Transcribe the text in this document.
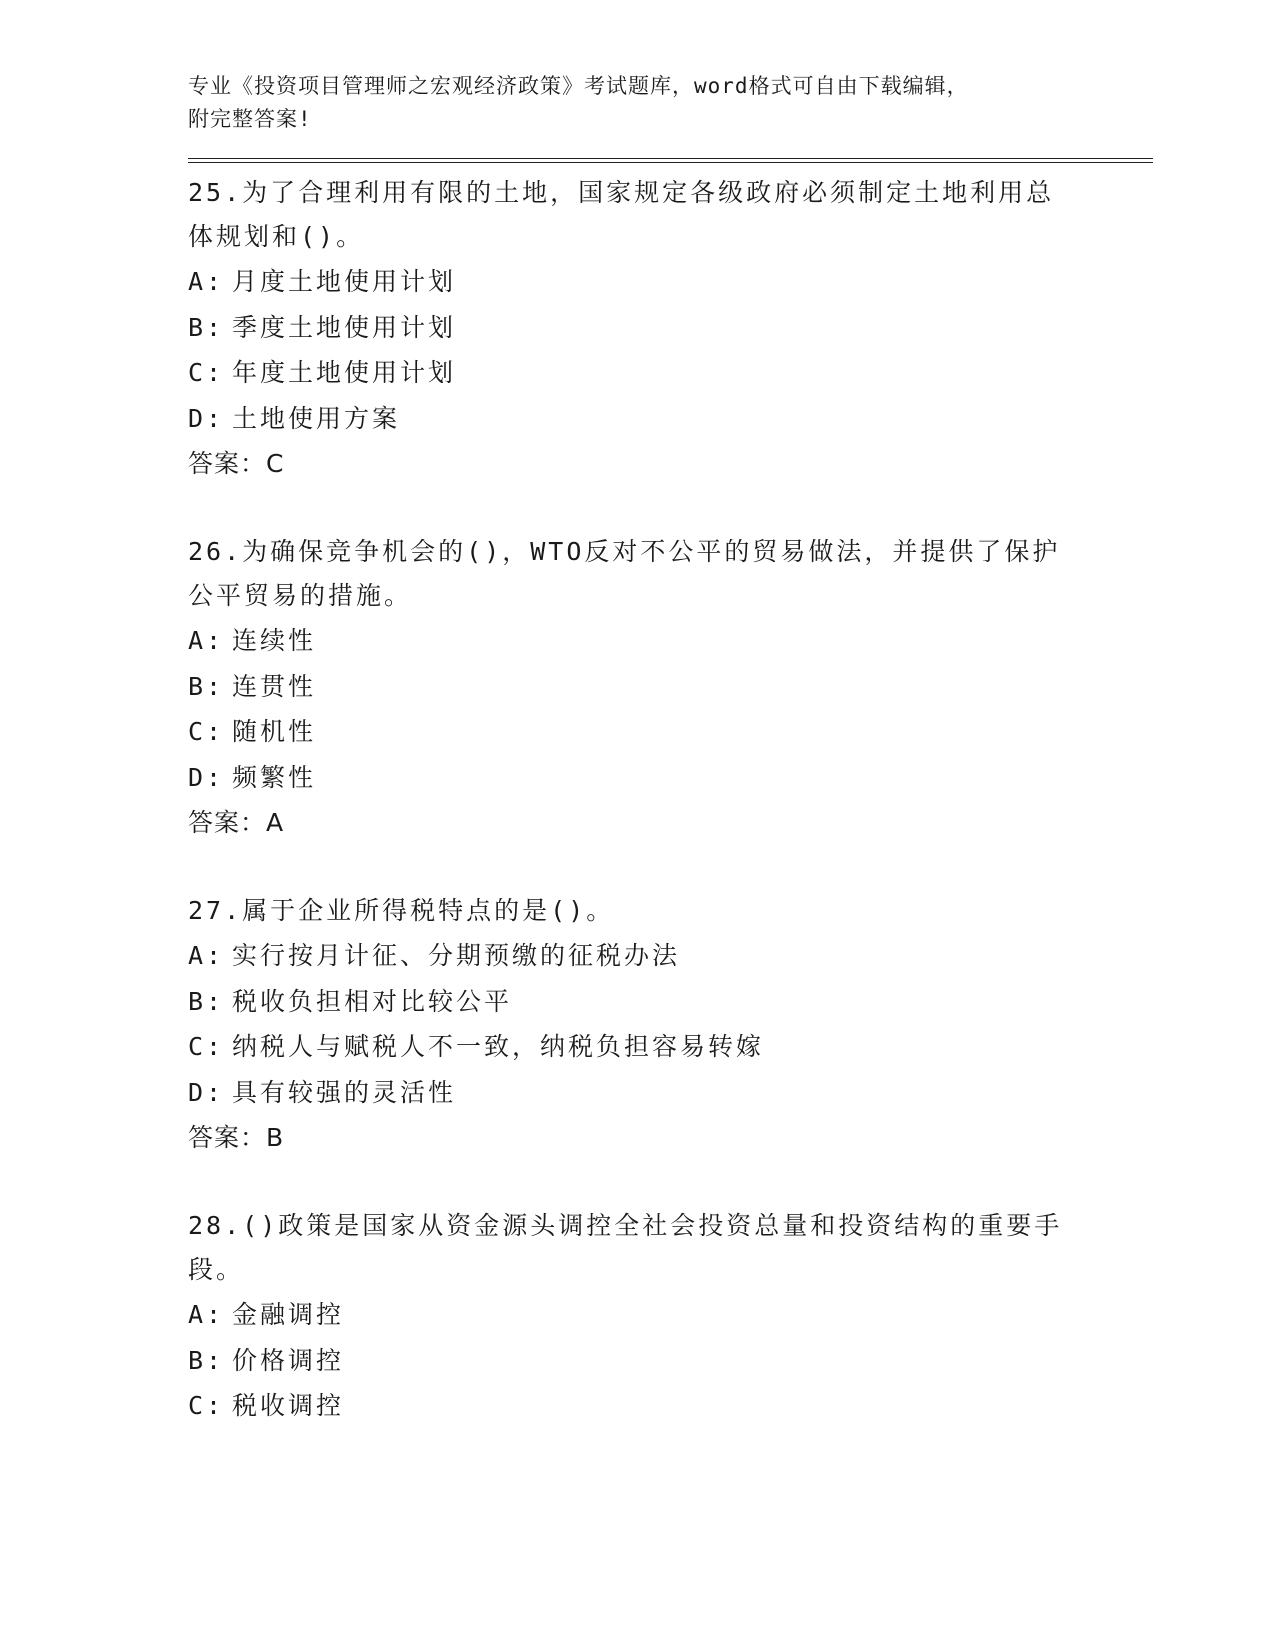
专业《投资项目管理师之宏观经济政策》考试题库，word格式可自由下载编辑，
附完整答案!
25.为了合理利用有限的土地，国家规定各级政府必须制定土地利用总体规划和()。
A: 月度土地使用计划
B: 季度土地使用计划
C: 年度土地使用计划
D: 土地使用方案
答案：C
26.为确保竞争机会的()，WTO反对不公平的贸易做法，并提供了保护公平贸易的措施。
A: 连续性
B: 连贯性
C: 随机性
D: 频繁性
答案：A
27.属于企业所得税特点的是()。
A: 实行按月计征、分期预缴的征税办法
B: 税收负担相对比较公平
C: 纳税人与赋税人不一致，纳税负担容易转嫁
D: 具有较强的灵活性
答案：B
28.()政策是国家从资金源头调控全社会投资总量和投资结构的重要手段。
A: 金融调控
B: 价格调控
C: 税收调控
